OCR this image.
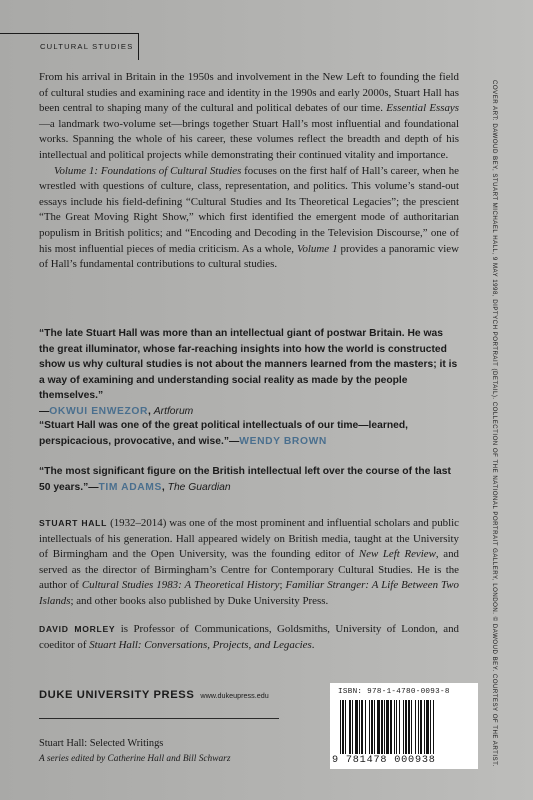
CULTURAL STUDIES

From his arrival in Britain in the 1950s and involvement in the New Left to founding the field of cultural studies and examining race and identity in the 1990s and early 2000s, Stuart Hall has been central to shaping many of the cultural and political debates of our time. Essential Essays—a landmark two-volume set—brings together Stuart Hall’s most influential and foundational works. Spanning the whole of his career, these volumes reflect the breadth and depth of his intellectual and political projects while demonstrating their continued vitality and importance.

Volume 1: Foundations of Cultural Studies focuses on the first half of Hall’s career, when he wrestled with questions of culture, class, representation, and politics. This volume’s stand-out essays include his field-defining “Cultural Studies and Its Theoretical Legacies”; the prescient “The Great Moving Right Show,” which first identified the emergent mode of authoritarian populism in British politics; and “Encoding and Decoding in the Television Discourse,” one of his most influential pieces of media criticism. As a whole, Volume 1 provides a panoramic view of Hall’s fundamental contributions to cultural studies.

“The late Stuart Hall was more than an intellectual giant of postwar Britain. He was the great illuminator, whose far-reaching insights into how the world is constructed show us why cultural studies is not about the manners learned from the masters; it is a way of examining and understanding social reality as made by the people themselves.”
—OKWUI ENWEZOR, Artforum

“Stuart Hall was one of the great political intellectuals of our time—learned, perspicacious, provocative, and wise.”—WENDY BROWN

“The most significant figure on the British intellectual left over the course of the last 50 years.”—TIM ADAMS, The Guardian

STUART HALL (1932–2014) was one of the most prominent and influential scholars and public intellectuals of his generation. Hall appeared widely on British media, taught at the University of Birmingham and the Open University, was the founding editor of New Left Review, and served as the director of Birmingham’s Centre for Contemporary Cultural Studies. He is the author of Cultural Studies 1983: A Theoretical History; Familiar Stranger: A Life Between Two Islands; and other books also published by Duke University Press.

DAVID MORLEY is Professor of Communications, Goldsmiths, University of London, and coeditor of Stuart Hall: Conversations, Projects, and Legacies.

DUKE UNIVERSITY PRESS www.dukeupress.edu
Stuart Hall: Selected Writings
A series edited by Catherine Hall and Bill Schwarz	COVER ART: DAWOUD BEY, STUART MICHAEL HALL, 9 MAY 1998, DIPTYCH PORTRAIT (DETAIL). COLLECTION OF THE NATIONAL PORTRAIT GALLERY, LONDON. © DAWOUD BEY. COURTESY OF THE ARTIST.
ISBN: 978-1-4780-0093-8
9 781478 000938
